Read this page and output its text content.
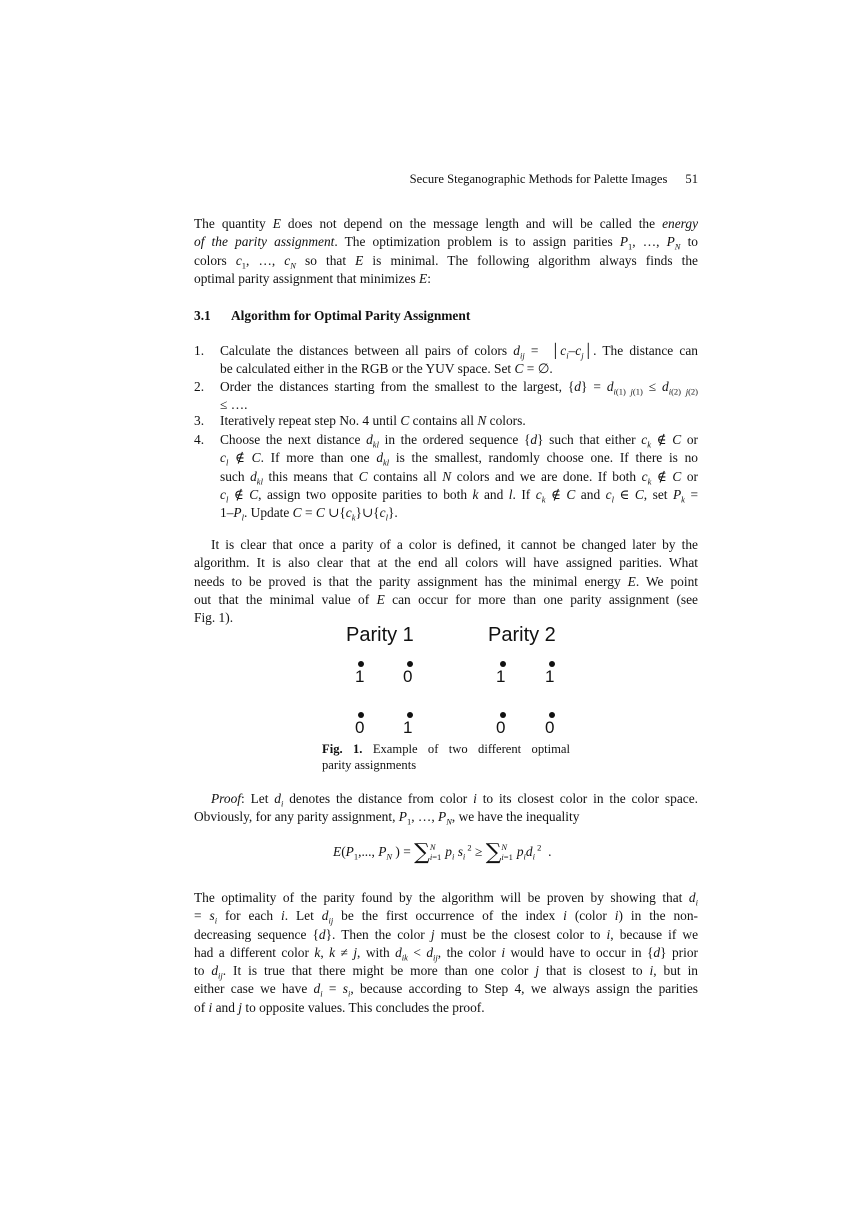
Secure Steganographic Methods for Palette Images 51
The quantity E does not depend on the message length and will be called the energy
of the parity assignment. The optimization problem is to assign parities $P_1$, …, $P_N$ to
colors $c_1$, …, $c_N$ so that E is minimal. The following algorithm always finds the
optimal parity assignment that minimizes E:
3.1 Algorithm for Optimal Parity Assignment
1.	Calculate the distances between all pairs of colors $d_{ij}$ =  $│c_i-c_j│$. The distance can
be calculated either in the RGB or the YUV space. Set C = ∅.
2.	Order the distances starting from the smallest to the largest, $\{d\} = d_{i(1) j(1)} \le d_{i(2) j(2)}$
≤ ….
3.	Iteratively repeat step No. 4 until C contains all N colors.
4.	Choose the next distance $d_{kl}$ in the ordered sequence {d} such that either $c_k$ ∉ C or
$c_l$ ∉ C. If more than one $d_{kl}$ is the smallest, randomly choose one. If there is no
such $d_{kl}$ this means that C contains all N colors and we are done. If both $c_k$ ∉ C or
$c_l$ ∉ C, assign two opposite parities to both k and l. If $c_k$ ∉ C and $c_l$ ∈ C, set $P_k$ =
$1-P_l$. Update C = C $\cup\{c_k\}\cup\{c_l\}$.
It is clear that once a parity of a color is defined, it cannot be changed later by the
algorithm. It is also clear that at the end all colors will have assigned parities. What
needs to be proved is that the parity assignment has the minimal energy E. We point
out that the minimal value of E can occur for more than one parity assignment (see
Fig. 1).
Parity 1	Parity 2
1 0	1 1
0 1	0 0
Fig. 1. Example of two different optimal
parity assignments
Proof: Let $d_i$ denotes the distance from color i to its closest color in the color space.
Obviously, for any parity assignment, $P_1$, …, $P_N$, we have the inequality
$E(P_1$,..., $P_N$ ) = ∑N
i=1 $p_i$ $s_i$ $^2$ ≥ ∑N
i=1 $p_id_i$ $^2$  .
The optimality of the parity found by the algorithm will be proven by showing that $d_i$
= $s_i$ for each i. Let $d_{ij}$ be the first occurrence of the index i (color i) in the non-
decreasing sequence {d}. Then the color j must be the closest color to i, because if we
had a different color k, k ≠ j, with $d_{ik} < d_{ij}$, the color i would have to occur in {d} prior
to $d_{ij}$. It is true that there might be more than one color j that is closest to i, but in
either case we have $d_i = s_i$, because according to Step 4, we always assign the parities
of i and j to opposite values. This concludes the proof.
